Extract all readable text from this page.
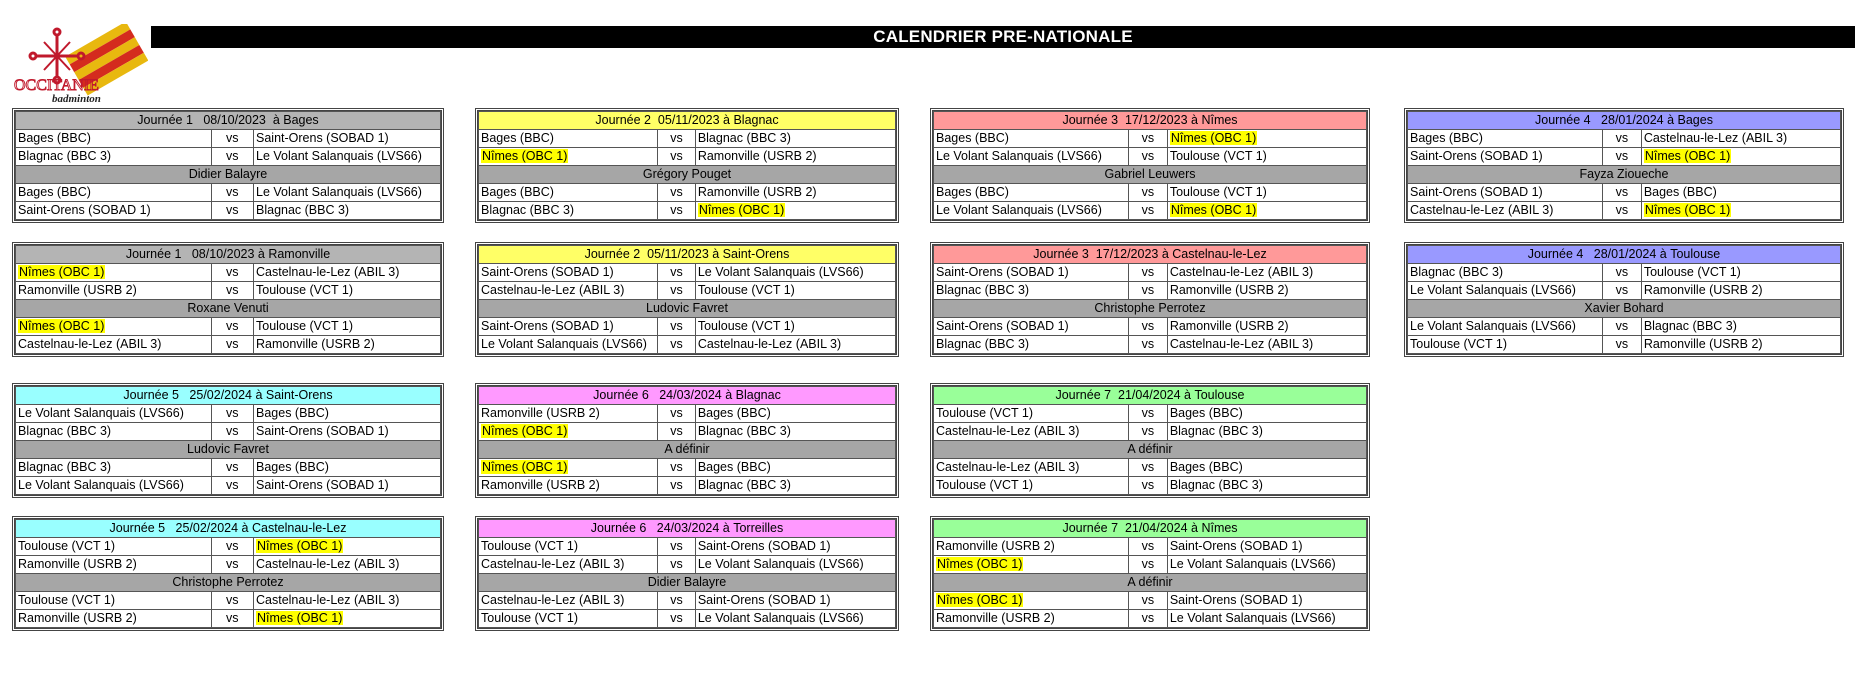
OCCITANIE
badminton
CALENDRIER PRE-NATIONALE
Journée 1   08/10/2023  à Bages		
Bages (BBC)	vs	Saint-Orens (SOBAD 1)
Blagnac (BBC 3)	vs	Le Volant Salanquais (LVS66)
Didier Balayre		
Bages (BBC)	vs	Le Volant Salanquais (LVS66)
Saint-Orens (SOBAD 1)	vs	Blagnac (BBC 3)
Journée 2  05/11/2023 à Blagnac		
Bages (BBC)	vs	Blagnac (BBC 3)
Nîmes (OBC 1)	vs	Ramonville (USRB 2)
Grégory Pouget		
Bages (BBC)	vs	Ramonville (USRB 2)
Blagnac (BBC 3)	vs	Nîmes (OBC 1)
Journée 3  17/12/2023 à Nîmes		
Bages (BBC)	vs	Nîmes (OBC 1)
Le Volant Salanquais (LVS66)	vs	Toulouse (VCT 1)
Gabriel Leuwers		
Bages (BBC)	vs	Toulouse (VCT 1)
Le Volant Salanquais (LVS66)	vs	Nîmes (OBC 1)
Journée 4   28/01/2024 à Bages		
Bages (BBC)	vs	Castelnau-le-Lez (ABIL 3)
Saint-Orens (SOBAD 1)	vs	Nîmes (OBC 1)
Fayza Zioueche		
Saint-Orens (SOBAD 1)	vs	Bages (BBC)
Castelnau-le-Lez (ABIL 3)	vs	Nîmes (OBC 1)
Journée 1   08/10/2023 à Ramonville		
Nîmes (OBC 1)	vs	Castelnau-le-Lez (ABIL 3)
Ramonville (USRB 2)	vs	Toulouse (VCT 1)
Roxane Venuti		
Nîmes (OBC 1)	vs	Toulouse (VCT 1)
Castelnau-le-Lez (ABIL 3)	vs	Ramonville (USRB 2)
Journée 2  05/11/2023 à Saint-Orens		
Saint-Orens (SOBAD 1)	vs	Le Volant Salanquais (LVS66)
Castelnau-le-Lez (ABIL 3)	vs	Toulouse (VCT 1)
Ludovic Favret		
Saint-Orens (SOBAD 1)	vs	Toulouse (VCT 1)
Le Volant Salanquais (LVS66)	vs	Castelnau-le-Lez (ABIL 3)
Journée 3  17/12/2023 à Castelnau-le-Lez		
Saint-Orens (SOBAD 1)	vs	Castelnau-le-Lez (ABIL 3)
Blagnac (BBC 3)	vs	Ramonville (USRB 2)
Christophe Perrotez		
Saint-Orens (SOBAD 1)	vs	Ramonville (USRB 2)
Blagnac (BBC 3)	vs	Castelnau-le-Lez (ABIL 3)
Journée 4   28/01/2024 à Toulouse		
Blagnac (BBC 3)	vs	Toulouse (VCT 1)
Le Volant Salanquais (LVS66)	vs	Ramonville (USRB 2)
Xavier Bohard		
Le Volant Salanquais (LVS66)	vs	Blagnac (BBC 3)
Toulouse (VCT 1)	vs	Ramonville (USRB 2)
Journée 5   25/02/2024 à Saint-Orens		
Le Volant Salanquais (LVS66)	vs	Bages (BBC)
Blagnac (BBC 3)	vs	Saint-Orens (SOBAD 1)
Ludovic Favret		
Blagnac (BBC 3)	vs	Bages (BBC)
Le Volant Salanquais (LVS66)	vs	Saint-Orens (SOBAD 1)
Journée 6   24/03/2024 à Blagnac		
Ramonville (USRB 2)	vs	Bages (BBC)
Nîmes (OBC 1)	vs	Blagnac (BBC 3)
A définir		
Nîmes (OBC 1)	vs	Bages (BBC)
Ramonville (USRB 2)	vs	Blagnac (BBC 3)
Journée 7  21/04/2024 à Toulouse		
Toulouse (VCT 1)	vs	Bages (BBC)
Castelnau-le-Lez (ABIL 3)	vs	Blagnac (BBC 3)
A définir		
Castelnau-le-Lez (ABIL 3)	vs	Bages (BBC)
Toulouse (VCT 1)	vs	Blagnac (BBC 3)
Journée 5   25/02/2024 à Castelnau-le-Lez		
Toulouse (VCT 1)	vs	Nîmes (OBC 1)
Ramonville (USRB 2)	vs	Castelnau-le-Lez (ABIL 3)
Christophe Perrotez		
Toulouse (VCT 1)	vs	Castelnau-le-Lez (ABIL 3)
Ramonville (USRB 2)	vs	Nîmes (OBC 1)
Journée 6   24/03/2024 à Torreilles		
Toulouse (VCT 1)	vs	Saint-Orens (SOBAD 1)
Castelnau-le-Lez (ABIL 3)	vs	Le Volant Salanquais (LVS66)
Didier Balayre		
Castelnau-le-Lez (ABIL 3)	vs	Saint-Orens (SOBAD 1)
Toulouse (VCT 1)	vs	Le Volant Salanquais (LVS66)
Journée 7  21/04/2024 à Nîmes		
Ramonville (USRB 2)	vs	Saint-Orens (SOBAD 1)
Nîmes (OBC 1)	vs	Le Volant Salanquais (LVS66)
A définir		
Nîmes (OBC 1)	vs	Saint-Orens (SOBAD 1)
Ramonville (USRB 2)	vs	Le Volant Salanquais (LVS66)
